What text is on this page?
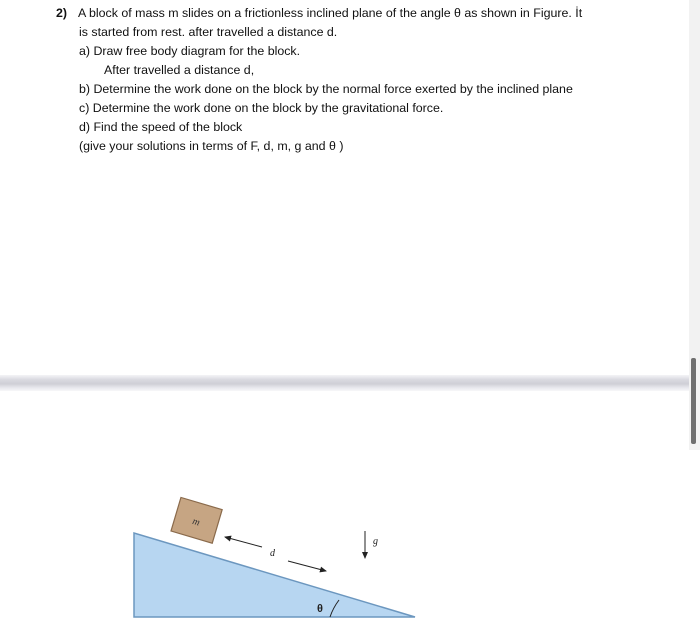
2) A block of mass m slides on a frictionless inclined plane of the angle θ as shown in Figure. İt
is started from rest. after travelled a distance d.
a) Draw free body diagram for the block.
After travelled a distance d,
b) Determine the work done on the block by the normal force exerted by the inclined plane
c) Determine the work done on the block by the gravitational force.
d) Find the speed of the block
(give your solutions in terms of F, d, m, g and θ )
m
d
g
θ
